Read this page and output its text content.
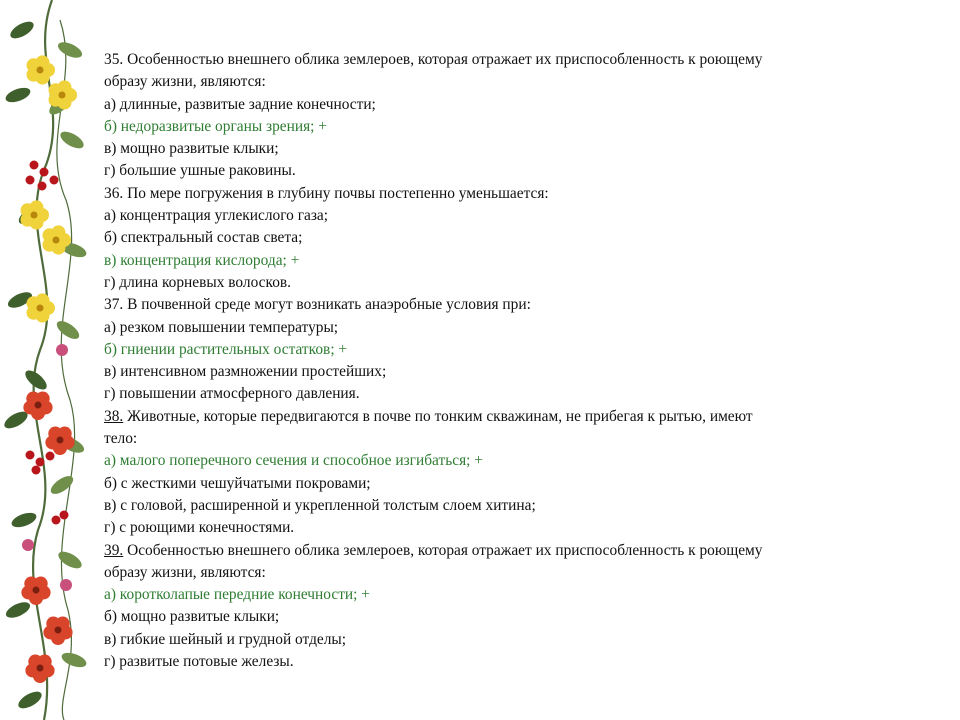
35. Особенностью внешнего облика землероев, которая отражает их приспособленность к роющему
образу жизни, являются:
а) длинные, развитые задние конечности;
б) недоразвитые органы зрения; +
в) мощно развитые клыки;
г) большие ушные раковины.
36. По мере погружения в глубину почвы постепенно уменьшается:
а) концентрация углекислого газа;
б) спектральный состав света;
в) концентрация кислорода; +
г) длина корневых волосков.
37. В почвенной среде могут возникать анаэробные условия при:
а) резком повышении температуры;
б) гниении растительных остатков; +
в) интенсивном размножении простейших;
г) повышении атмосферного давления.
38. Животные, которые передвигаются в почве по тонким скважинам, не прибегая к рытью, имеют
тело:
а) малого поперечного сечения и способное изгибаться; +
б) с жесткими чешуйчатыми покровами;
в) с головой, расширенной и укрепленной толстым слоем хитина;
г) с роющими конечностями.
39. Особенностью внешнего облика землероев, которая отражает их приспособленность к роющему
образу жизни, являются:
а) коротколапые передние конечности; +
б) мощно развитые клыки;
в) гибкие шейный и грудной отделы;
г) развитые потовые железы.
